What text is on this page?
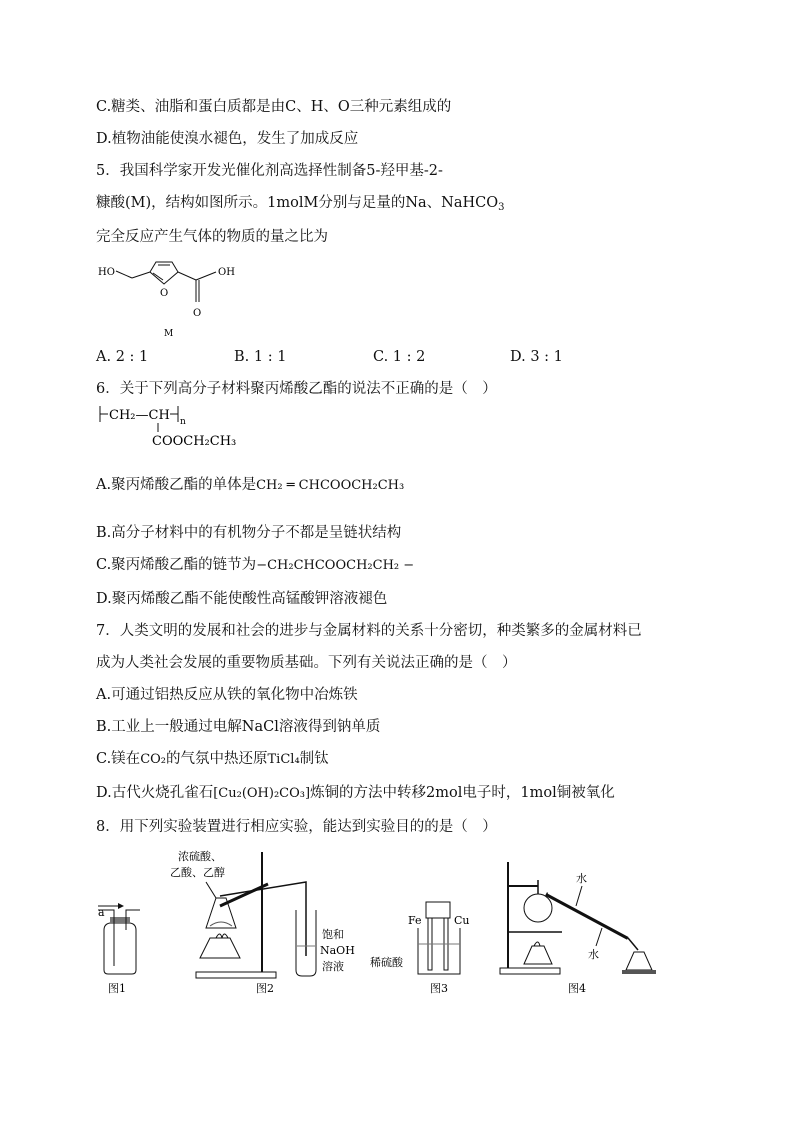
C.糖类、油脂和蛋白质都是由C、H、O三种元素组成的
D.植物油能使溴水褪色，发生了加成反应
5．我国科学家开发光催化剂高选择性制备5-羟甲基-2-
糠酸(M)，结构如图所示。1molM分别与足量的Na、NaHCO$_3$
完全反应产生气体的物质的量之比为
HO
O
OH
O
M
A. 2 : 1	B. 1 : 1	C. 1 : 2	D. 3 : 1
6．关于下列高分子材料聚丙烯酸乙酯的说法不正确的是（　）
CH₂—CH n
COOCH₂CH₃
A.聚丙烯酸乙酯的单体是CH₂ ═ CHCOOCH₂CH₃
B.高分子材料中的有机物分子不都是呈链状结构
C.聚丙烯酸乙酯的链节为−CH₂CHCOOCH₂CH₂ −
D.聚丙烯酸乙酯不能使酸性高锰酸钾溶液褪色
7．人类文明的发展和社会的进步与金属材料的关系十分密切，种类繁多的金属材料已
成为人类社会发展的重要物质基础。下列有关说法正确的是（　）
A.可通过铝热反应从铁的氧化物中冶炼铁
B.工业上一般通过电解NaCl溶液得到钠单质
C.镁在CO₂的气氛中热还原TiCl₄制钛
D.古代火烧孔雀石[Cu₂(OH)₂CO₃]炼铜的方法中转移2mol电子时，1mol铜被氧化
8．用下列实验装置进行相应实验，能达到实验目的的是（　）
a
图1
浓硫酸、
乙酸、乙醇
饱和
NaOH
溶液
图2
Fe	Cu
稀硫酸
图3
水
水
图4
